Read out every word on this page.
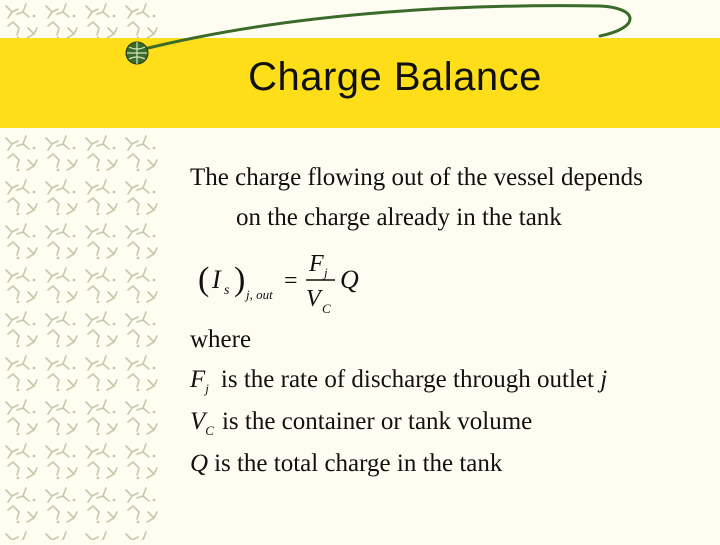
Charge Balance
The charge flowing out of the vessel depends
on the charge already in the tank
( I s ) j, out
=
F j
V C
Q
where
$F_j$ is the rate of discharge through outlet j
$V_C$ is the container or tank volume
Q is the total charge in the tank
